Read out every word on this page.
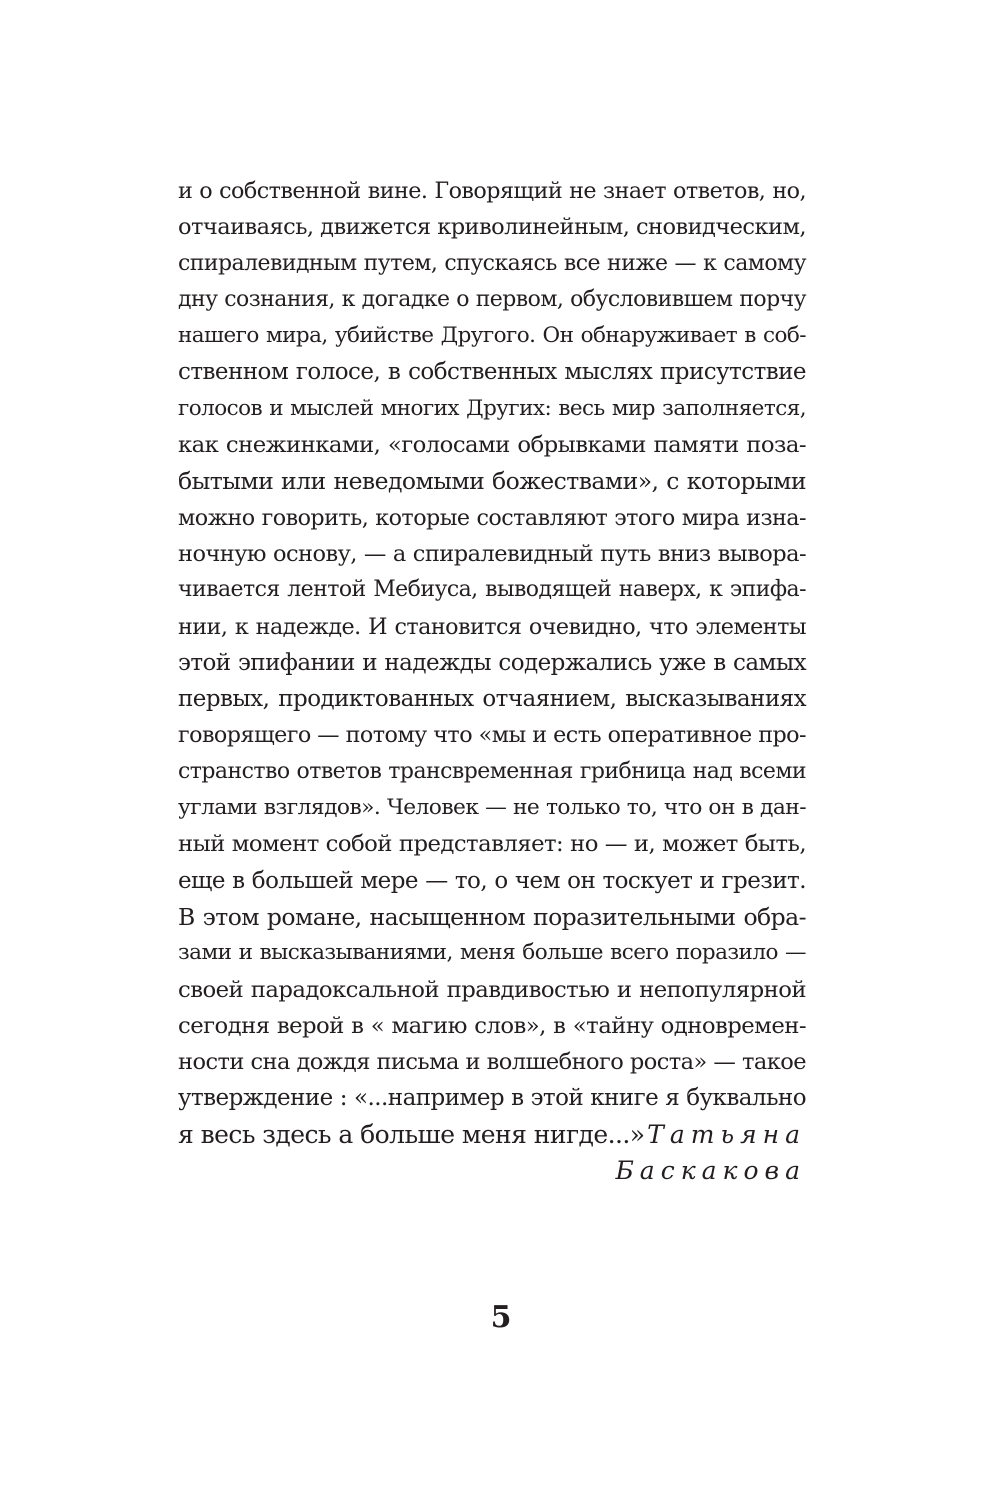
и о собственной вине. Говорящий не знает ответов, но,
отчаиваясь, движется криволинейным, сновидческим,
спиралевидным путем, спускаясь все ниже — к самому
дну сознания, к догадке о первом, обусловившем порчу
нашего мира, убийстве Другого. Он обнаруживает в соб-
ственном голосе, в собственных мыслях присутствие
голосов и мыслей многих Других: весь мир заполняется,
как снежинками, «голосами обрывками памяти поза-
бытыми или неведомыми божествами», с которыми
можно говорить, которые составляют этого мира изна-
ночную основу, — а спиралевидный путь вниз вывора-
чивается лентой Мебиуса, выводящей наверх, к эпифа-
нии, к надежде. И становится очевидно, что элементы
этой эпифании и надежды содержались уже в самых
первых, продиктованных отчаянием, высказываниях
говорящего — потому что «мы и есть оперативное про-
странство ответов трансвременная грибница над всеми
углами взглядов». Человек — не только то, что он в дан-
ный момент собой представляет: но — и, может быть,
еще в большей мере — то, о чем он тоскует и грезит.
В этом романе, насыщенном поразительными обра-
зами и высказываниями, меня больше всего поразило —
своей парадоксальной правдивостью и непопулярной
сегодня верой в « магию слов», в «тайну одновремен-
ности сна дождя письма и волшебного роста» — такое
утверждение : «...например в этой книге я буквально
я весь здесь а больше меня нигде...» Татьяна
Баскакова
5
